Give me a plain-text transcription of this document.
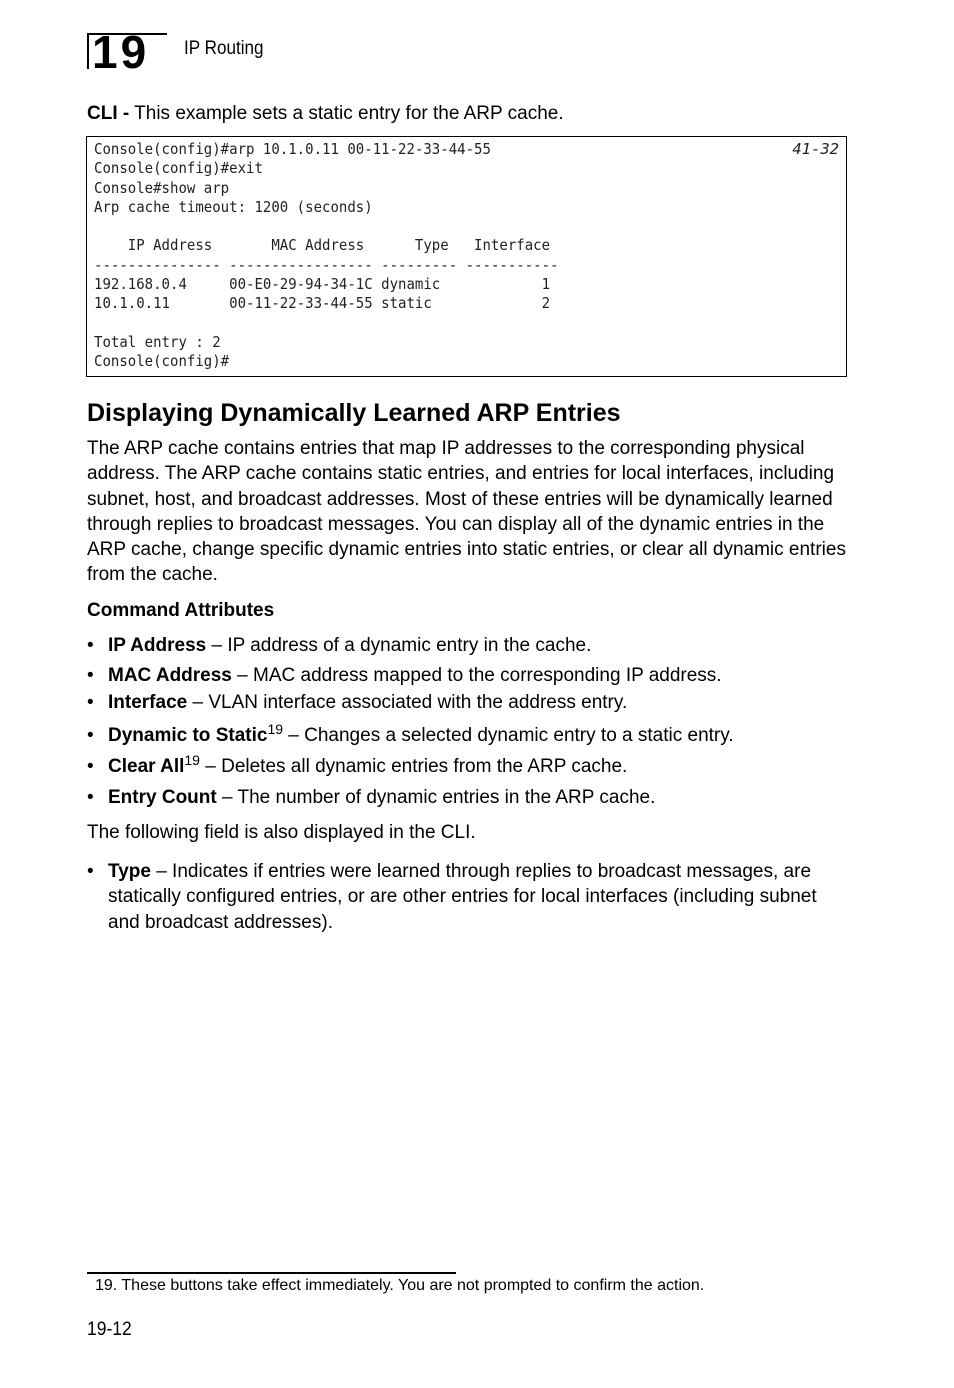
19 IP Routing
CLI - This example sets a static entry for the ARP cache.
Console(config)#arp 10.1.0.11 00-11-22-33-44-55
Console(config)#exit
Console#show arp
Arp cache timeout: 1200 (seconds)

IP Address       MAC Address      Type   Interface
--------------- ----------------- --------- -----------
192.168.0.4     00-E0-29-94-34-1C dynamic            1
10.1.0.11       00-11-22-33-44-55 static             2

Total entry : 2
Console(config)#
41-32
Displaying Dynamically Learned ARP Entries

The ARP cache contains entries that map IP addresses to the corresponding physical address. The ARP cache contains static entries, and entries for local interfaces, including subnet, host, and broadcast addresses. Most of these entries will be dynamically learned through replies to broadcast messages. You can display all of the dynamic entries in the ARP cache, change specific dynamic entries into static entries, or clear all dynamic entries from the cache.

Command Attributes
• IP Address – IP address of a dynamic entry in the cache.
• MAC Address – MAC address mapped to the corresponding IP address.
• Interface – VLAN interface associated with the address entry.
• Dynamic to Static$^{19}$ – Changes a selected dynamic entry to a static entry.
• Clear All$^{19}$ – Deletes all dynamic entries from the ARP cache.
• Entry Count – The number of dynamic entries in the ARP cache.
The following field is also displayed in the CLI.
• Type – Indicates if entries were learned through replies to broadcast messages, are statically configured entries, or are other entries for local interfaces (including subnet and broadcast addresses).
19. These buttons take effect immediately. You are not prompted to confirm the action.
19-12
